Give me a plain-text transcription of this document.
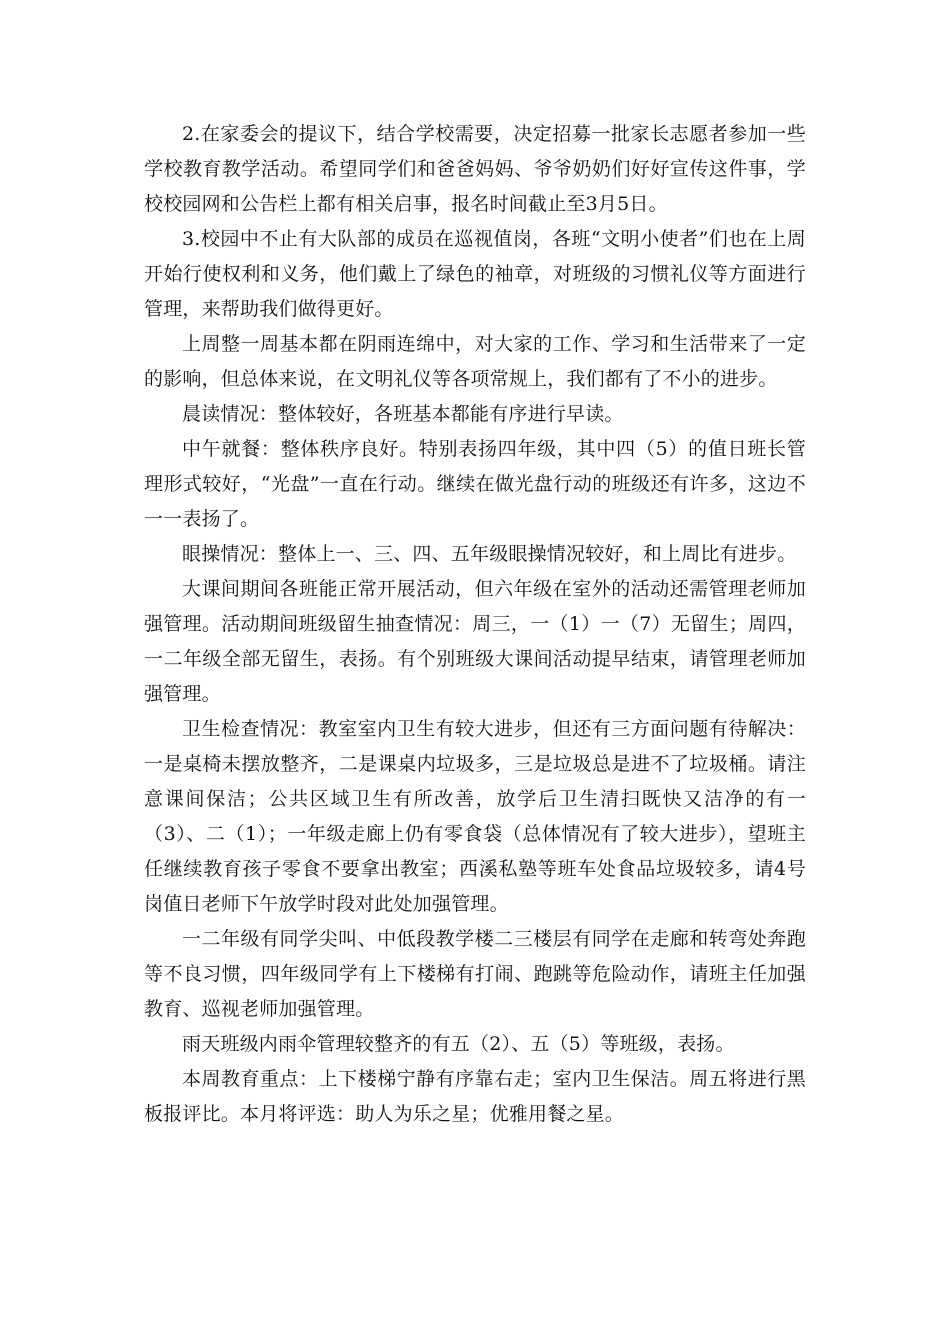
2.在家委会的提议下，结合学校需要，决定招募一批家长志愿者参加一些学校教育教学活动。希望同学们和爸爸妈妈、爷爷奶奶们好好宣传这件事，学校校园网和公告栏上都有相关启事，报名时间截止至3月5日。

3.校园中不止有大队部的成员在巡视值岗，各班“文明小使者”们也在上周开始行使权利和义务，他们戴上了绿色的袖章，对班级的习惯礼仪等方面进行管理，来帮助我们做得更好。

上周整一周基本都在阴雨连绵中，对大家的工作、学习和生活带来了一定的影响，但总体来说，在文明礼仪等各项常规上，我们都有了不小的进步。

晨读情况：整体较好，各班基本都能有序进行早读。

中午就餐：整体秩序良好。特别表扬四年级，其中四（5）的值日班长管理形式较好，“光盘”一直在行动。继续在做光盘行动的班级还有许多，这边不一一表扬了。

眼操情况：整体上一、三、四、五年级眼操情况较好，和上周比有进步。

大课间期间各班能正常开展活动，但六年级在室外的活动还需管理老师加强管理。活动期间班级留生抽查情况：周三，一（1）一（7）无留生；周四，一二年级全部无留生，表扬。有个别班级大课间活动提早结束，请管理老师加强管理。

卫生检查情况：教室室内卫生有较大进步，但还有三方面问题有待解决：一是桌椅未摆放整齐，二是课桌内垃圾多，三是垃圾总是进不了垃圾桶。请注意课间保洁；公共区域卫生有所改善，放学后卫生清扫既快又洁净的有一（3）、二（1）；一年级走廊上仍有零食袋（总体情况有了较大进步），望班主任继续教育孩子零食不要拿出教室；西溪私塾等班车处食品垃圾较多，请4号岗值日老师下午放学时段对此处加强管理。

一二年级有同学尖叫、中低段教学楼二三楼层有同学在走廊和转弯处奔跑等不良习惯，四年级同学有上下楼梯有打闹、跑跳等危险动作，请班主任加强教育、巡视老师加强管理。

雨天班级内雨伞管理较整齐的有五（2）、五（5）等班级，表扬。

本周教育重点：上下楼梯宁静有序靠右走；室内卫生保洁。周五将进行黑板报评比。本月将评选：助人为乐之星；优雅用餐之星。
